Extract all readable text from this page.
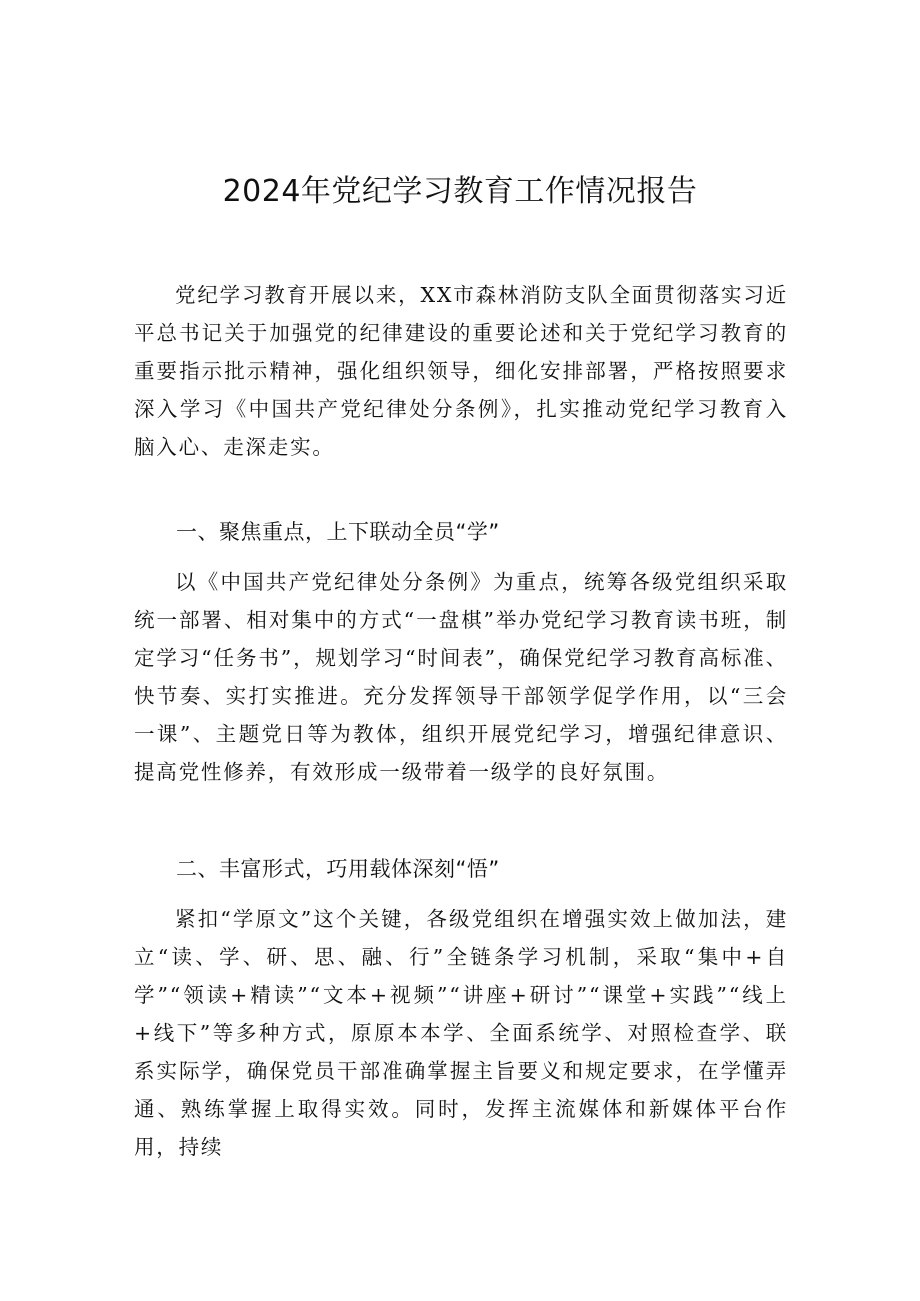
2024年党纪学习教育工作情况报告

党纪学习教育开展以来，XX市森林消防支队全面贯彻落实习近平总书记关于加强党的纪律建设的重要论述和关于党纪学习教育的重要指示批示精神，强化组织领导，细化安排部署，严格按照要求深入学习《中国共产党纪律处分条例》，扎实推动党纪学习教育入脑入心、走深走实。

一、聚焦重点，上下联动全员“学”

以《中国共产党纪律处分条例》为重点，统筹各级党组织采取统一部署、相对集中的方式“一盘棋”举办党纪学习教育读书班，制定学习“任务书”，规划学习“时间表”，确保党纪学习教育高标准、快节奏、实打实推进。充分发挥领导干部领学促学作用，以“三会一课”、主题党日等为教体，组织开展党纪学习，增强纪律意识、提高党性修养，有效形成一级带着一级学的良好氛围。

二、丰富形式，巧用载体深刻“悟”

紧扣“学原文”这个关键，各级党组织在增强实效上做加法，建立“读、学、研、思、融、行”全链条学习机制，采取“集中+自学”“领读+精读”“文本+视频”“讲座+研讨”“课堂+实践”“线上+线下”等多种方式，原原本本学、全面系统学、对照检查学、联系实际学，确保党员干部准确掌握主旨要义和规定要求，在学懂弄通、熟练掌握上取得实效。同时，发挥主流媒体和新媒体平台作用，持续
